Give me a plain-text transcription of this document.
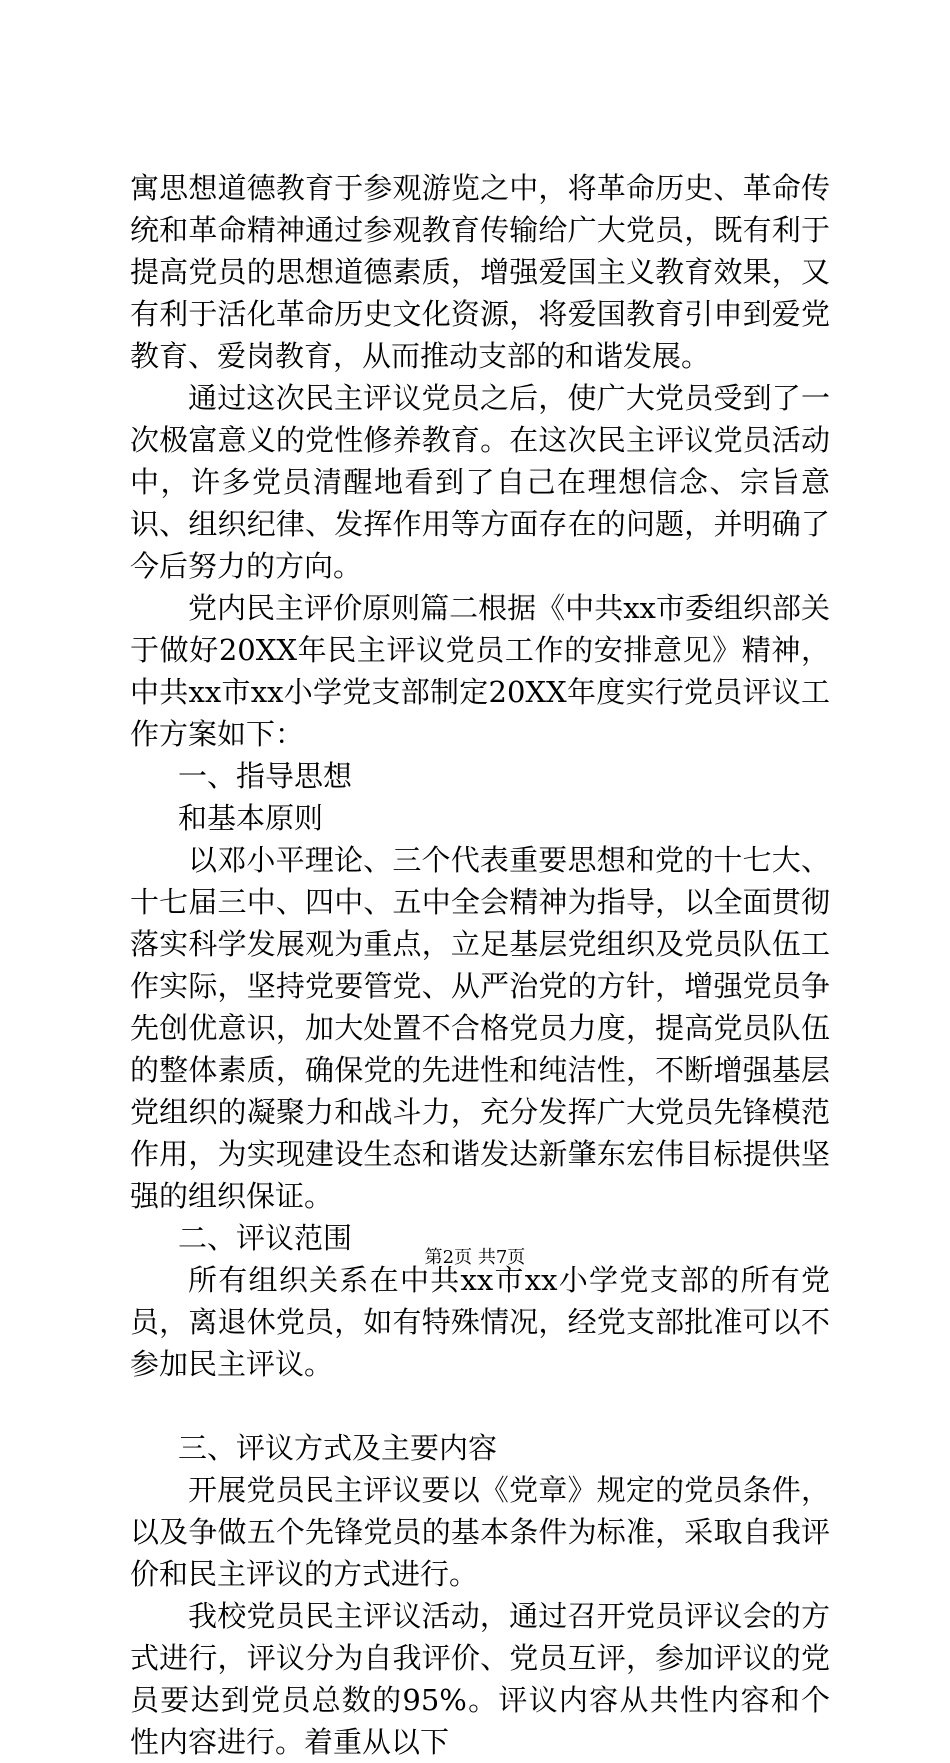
寓思想道德教育于参观游览之中，将革命历史、革命传统和革命精神通过参观教育传输给广大党员，既有利于提高党员的思想道德素质，增强爱国主义教育效果，又有利于活化革命历史文化资源，将爱国教育引申到爱党教育、爱岗教育，从而推动支部的和谐发展。

通过这次民主评议党员之后，使广大党员受到了一次极富意义的党性修养教育。在这次民主评议党员活动中，许多党员清醒地看到了自己在理想信念、宗旨意识、组织纪律、发挥作用等方面存在的问题，并明确了今后努力的方向。

党内民主评价原则篇二根据《中共xx市委组织部关于做好20XX年民主评议党员工作的安排意见》精神，中共xx市xx小学党支部制定20XX年度实行党员评议工作方案如下：

一、指导思想

和基本原则

以邓小平理论、三个代表重要思想和党的十七大、十七届三中、四中、五中全会精神为指导，以全面贯彻落实科学发展观为重点，立足基层党组织及党员队伍工作实际，坚持党要管党、从严治党的方针，增强党员争先创优意识，加大处置不合格党员力度，提高党员队伍的整体素质，确保党的先进性和纯洁性，不断增强基层党组织的凝聚力和战斗力，充分发挥广大党员先锋模范作用，为实现建设生态和谐发达新肇东宏伟目标提供坚强的组织保证。

二、评议范围

所有组织关系在中共xx市xx小学党支部的所有党员，离退休党员，如有特殊情况，经党支部批准可以不参加民主评议。

三、评议方式及主要内容

开展党员民主评议要以《党章》规定的党员条件，以及争做五个先锋党员的基本条件为标准，采取自我评价和民主评议的方式进行。

我校党员民主评议活动，通过召开党员评议会的方式进行，评议分为自我评价、党员互评，参加评议的党员要达到党员总数的95%。评议内容从共性内容和个性内容进行。着重从以下

第2页 共7页
